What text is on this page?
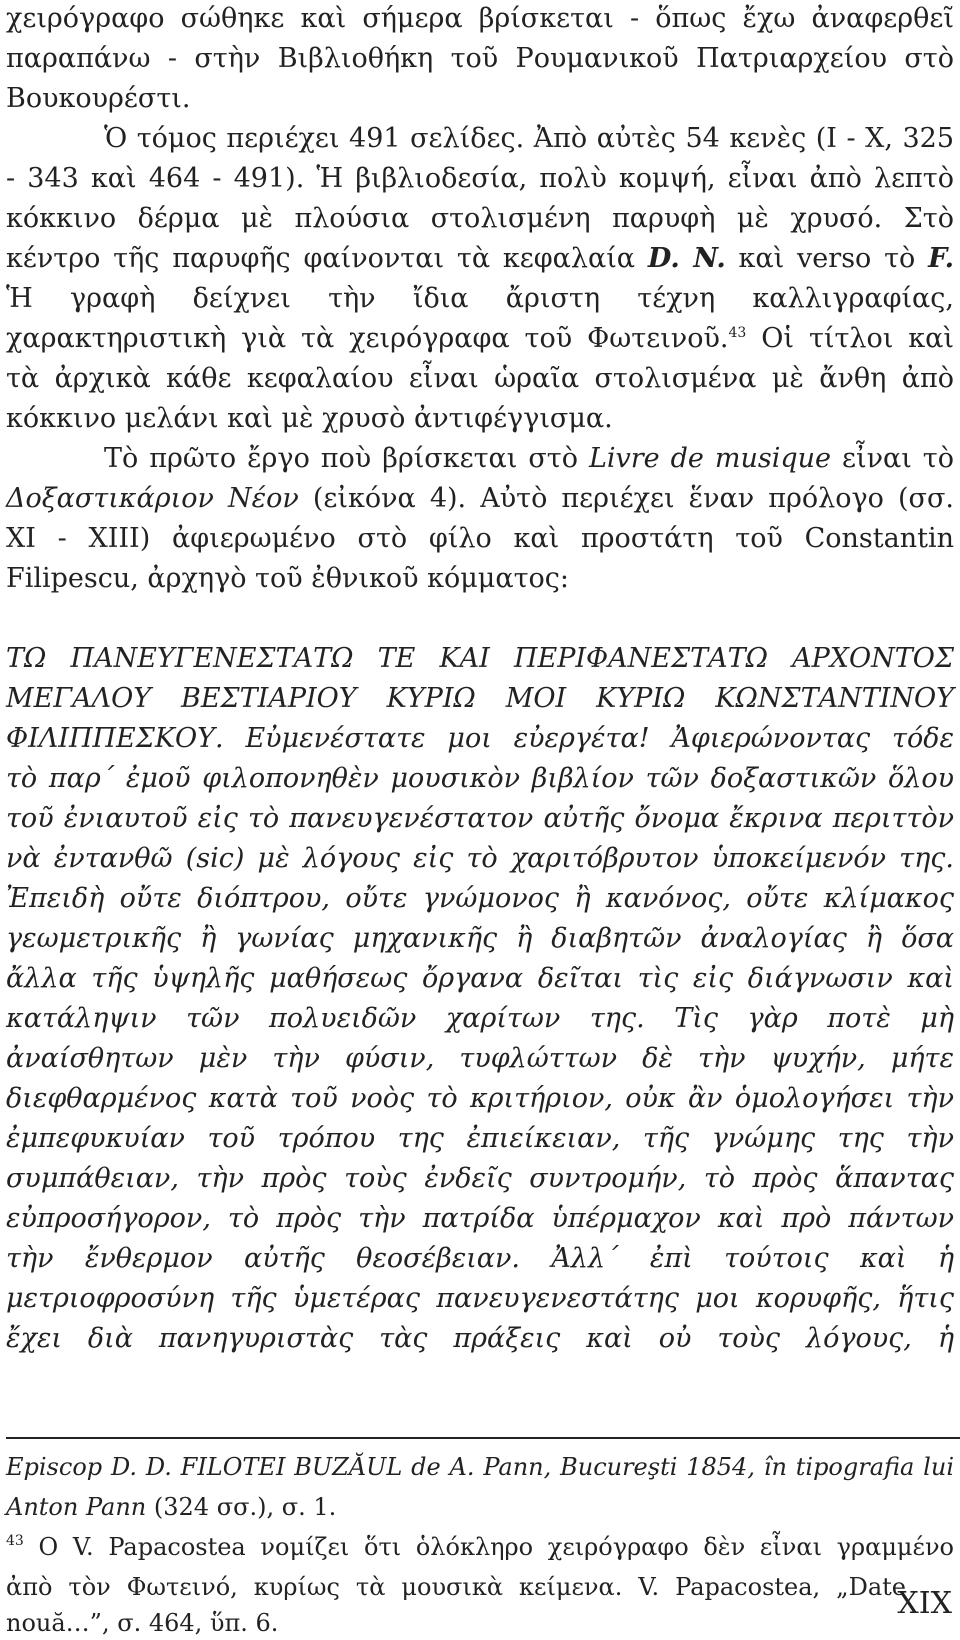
χειρόγραφο σώθηκε καὶ σήμερα βρίσκεται - ὅπως ἔχω ἀναφερθεῖ
παραπάνω - στὴν Βιβλιοθήκη τοῦ Ρουμανικοῦ Πατριαρχείου στὸ
Βουκουρέστι.
Ὁ τόμος περιέχει 491 σελίδες. Ἀπὸ αὐτὲς 54 κενὲς (Ι - Χ, 325
- 343 καὶ 464 - 491). Ἡ βιβλιοδεσία, πολὺ κομψή, εἶναι ἀπὸ λεπτὸ
κόκκινο δέρμα μὲ πλούσια στολισμένη παρυφὴ μὲ χρυσό. Στὸ
κέντρο τῆς παρυφῆς φαίνονται τὰ κεφαλαία D. N. καὶ verso τὸ F.
Ἡ γραφὴ δείχνει τὴν ἴδια ἄριστη τέχνη καλλιγραφίας,
χαρακτηριστικὴ γιὰ τὰ χειρόγραφα τοῦ Φωτεινοῦ.$^{43}$ Οἱ τίτλοι καὶ
τὰ ἀρχικὰ κάθε κεφαλαίου εἶναι ὡραῖα στολισμένα μὲ ἄνθη ἀπὸ
κόκκινο μελάνι καὶ μὲ χρυσὸ ἀντιφέγγισμα.
Τὸ πρῶτο ἔργο ποὺ βρίσκεται στὸ Livre de musique εἶναι τὸ
Δοξαστικάριον Νέον (εἰκόνα 4). Αὐτὸ περιέχει ἕναν πρόλογο (σσ.
ΧΙ - ΧΙΙΙ) ἀφιερωμένο στὸ φίλο καὶ προστάτη τοῦ Constantin
Filipescu, ἀρχηγὸ τοῦ ἐθνικοῦ κόμματος:
ΤΩ ΠΑΝΕΥΓΕΝΕΣΤΑΤΩ ΤΕ ΚΑΙ ΠΕΡΙΦΑΝΕΣΤΑΤΩ ΑΡΧΟΝΤΟΣ
ΜΕΓΑΛΟΥ ΒΕΣΤΙΑΡΙΟΥ ΚΥΡΙΩ ΜΟΙ ΚΥΡΙΩ ΚΩΝΣΤΑΝΤΙΝΟΥ
ΦΙΛΙΠΠΕΣΚΟΥ. Εὐμενέστατε μοι εὐεργέτα! Ἀφιερώνοντας τόδε
τὸ παρ΄ ἐμοῦ φιλοπονηθὲν μουσικὸν βιβλίον τῶν δοξαστικῶν ὅλου
τοῦ ἐνιαυτοῦ εἰς τὸ πανευγενέστατον αὐτῆς ὄνομα ἔκρινα περιττὸν
νὰ ἐντανθῶ (sic) μὲ λόγους εἰς τὸ χαριτόβρυτον ὑποκείμενόν της.
Ἐπειδὴ οὔτε διόπτρου, οὔτε γνώμονος ἢ κανόνος, οὔτε κλίμακος
γεωμετρικῆς ἢ γωνίας μηχανικῆς ἢ διαβητῶν ἀναλογίας ἢ ὅσα
ἄλλα τῆς ὑψηλῆς μαθήσεως ὄργανα δεῖται τὶς εἰς διάγνωσιν καὶ
κατάληψιν τῶν πολυειδῶν χαρίτων της. Τὶς γὰρ ποτὲ μὴ
ἀναίσθητων μὲν τὴν φύσιν, τυφλώττων δὲ τὴν ψυχήν, μήτε
διεφθαρμένος κατὰ τοῦ νοὸς τὸ κριτήριον, οὐκ ἂν ὁμολογήσει τὴν
ἐμπεφυκυίαν τοῦ τρόπου της ἐπιείκειαν, τῆς γνώμης της τὴν
συμπάθειαν, τὴν πρὸς τοὺς ἐνδεῖς συντρομήν, τὸ πρὸς ἅπαντας
εὐπροσήγορον, τὸ πρὸς τὴν πατρίδα ὑπέρμαχον καὶ πρὸ πάντων
τὴν ἔνθερμον αὐτῆς θεοσέβειαν. Ἀλλ΄ ἐπὶ τούτοις καὶ ἡ
μετριοφροσύνη τῆς ὑμετέρας πανευγενεστάτης μοι κορυφῆς, ἥτις
ἔχει διὰ πανηγυριστὰς τὰς πράξεις καὶ οὐ τοὺς λόγους, ἡ
Episcop D. D. FILOTEI BUZĂUL de A. Pann, Bucureşti 1854, în tipografia lui
Anton Pann (324 σσ.), σ. 1.
$^{43}$ Ο V. Papacostea νομίζει ὅτι ὁλόκληρο χειρόγραφο δὲν εἶναι γραμμένο
ἀπὸ τὸν Φωτεινό, κυρίως τὰ μουσικὰ κείμενα. V. Papacostea, „Date
nouă…”, σ. 464, ὕπ. 6.
XIX
